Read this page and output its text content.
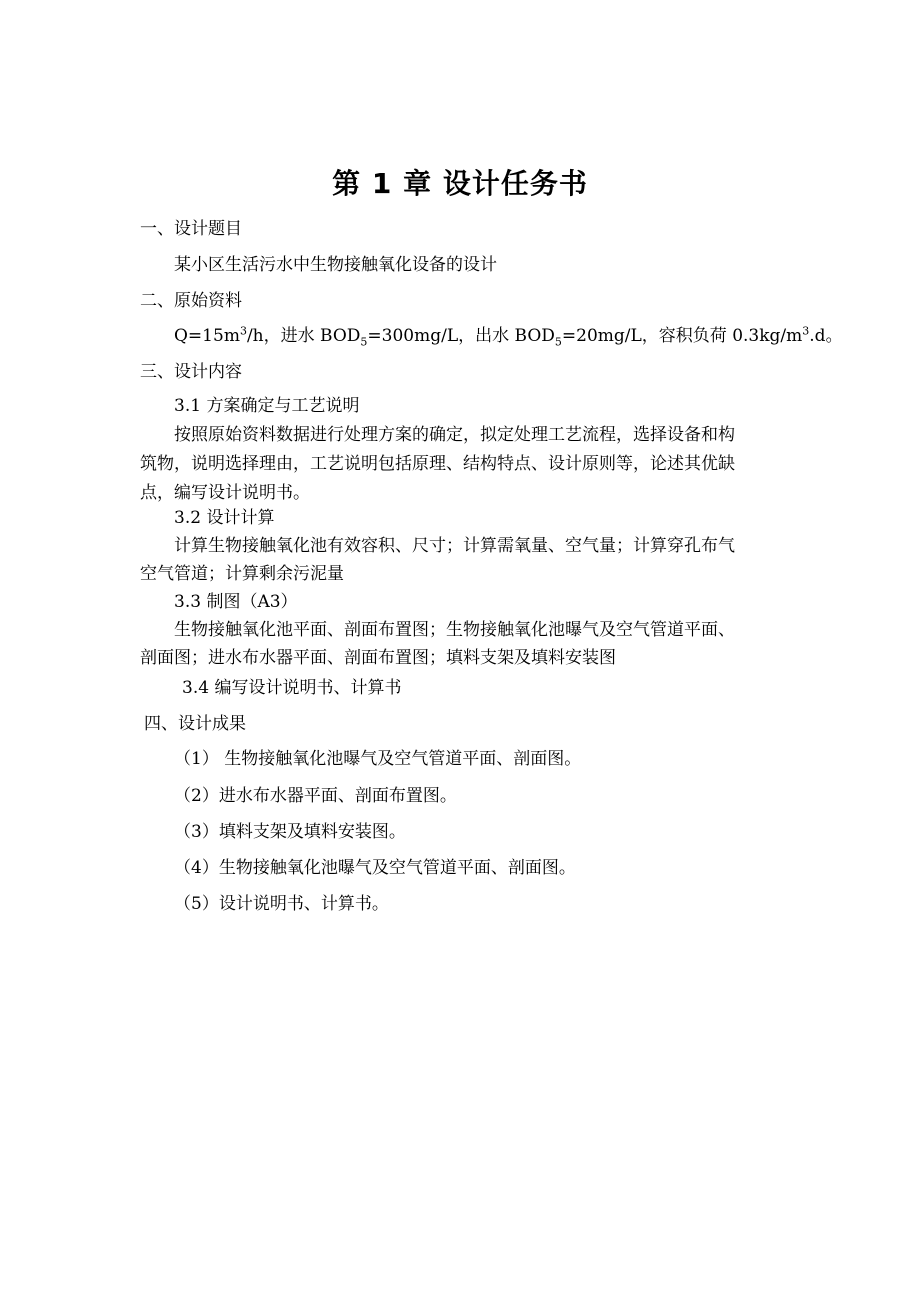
第 1 章 设计任务书
一、设计题目
某小区生活污水中生物接触氧化设备的设计
二、原始资料
$Q=15m^3/h$，进水 $BOD_5=300mg/L$，出水 $BOD_5=20mg/L$，容积负荷 $0.3kg/m^3.d$。
三、设计内容
3.1 方案确定与工艺说明
按照原始资料数据进行处理方案的确定，拟定处理工艺流程，选择设备和构
筑物，说明选择理由，工艺说明包括原理、结构特点、设计原则等，论述其优缺
点，编写设计说明书。
3.2 设计计算
计算生物接触氧化池有效容积、尺寸；计算需氧量、空气量；计算穿孔布气
空气管道；计算剩余污泥量
3.3 制图（A3）
生物接触氧化池平面、剖面布置图；生物接触氧化池曝气及空气管道平面、
剖面图；进水布水器平面、剖面布置图；填料支架及填料安装图
3.4 编写设计说明书、计算书
四、设计成果
（1） 生物接触氧化池曝气及空气管道平面、剖面图。
（2）进水布水器平面、剖面布置图。
（3）填料支架及填料安装图。
（4）生物接触氧化池曝气及空气管道平面、剖面图。
（5）设计说明书、计算书。
